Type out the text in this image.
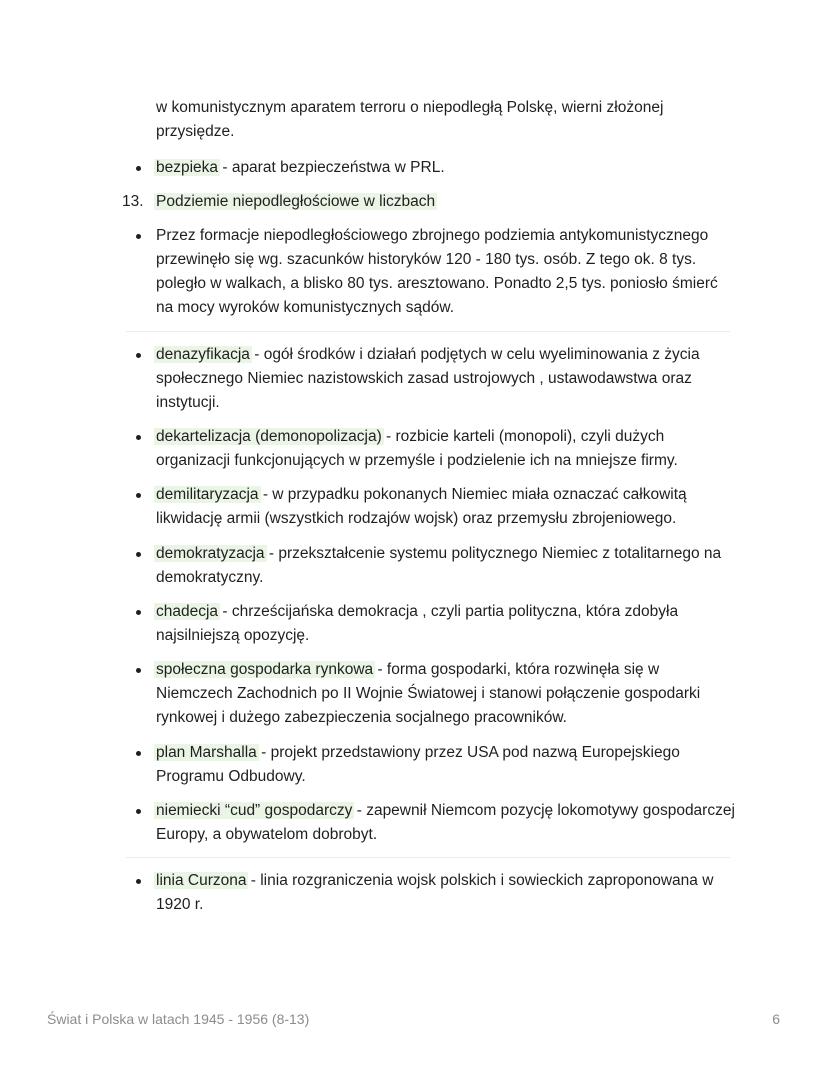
w komunistycznym aparatem terroru o niepodległą Polskę, wierni złożonej przysiędze.
bezpieka - aparat bezpieczeństwa w PRL.
13. Podziemie niepodległościowe w liczbach
Przez formacje niepodległościowego zbrojnego podziemia antykomunistycznego przewinęło się wg. szacunków historyków 120 - 180 tys. osób. Z tego ok. 8 tys. poległo w walkach, a blisko 80 tys. aresztowano. Ponadto 2,5 tys. poniosło śmierć na mocy wyroków komunistycznych sądów.
denazyfikacja - ogół środków i działań podjętych w celu wyeliminowania z życia społecznego Niemiec nazistowskich zasad ustrojowych , ustawodawstwa oraz instytucji.
dekartelizacja (demonopolizacja) - rozbicie karteli (monopoli), czyli dużych organizacji funkcjonujących w przemyśle i podzielenie ich na mniejsze firmy.
demilitaryzacja - w przypadku pokonanych Niemiec miała oznaczać całkowitą likwidację armii (wszystkich rodzajów wojsk) oraz przemysłu zbrojeniowego.
demokratyzacja - przekształcenie systemu politycznego Niemiec z totalitarnego na demokratyczny.
chadecja - chrześcijańska demokracja , czyli partia polityczna, która zdobyła najsilniejszą opozycję.
społeczna gospodarka rynkowa - forma gospodarki, która rozwinęła się w Niemczech Zachodnich po II Wojnie Światowej i stanowi połączenie gospodarki rynkowej i dużego zabezpieczenia socjalnego pracowników.
plan Marshalla - projekt przedstawiony przez USA pod nazwą Europejskiego Programu Odbudowy.
niemiecki “cud” gospodarczy - zapewnił Niemcom pozycję lokomotywy gospodarczej Europy, a obywatelom dobrobyt.
linia Curzona - linia rozgraniczenia wojsk polskich i sowieckich zaproponowana w 1920 r.
Świat i Polska w latach 1945 - 1956 (8-13)	6
